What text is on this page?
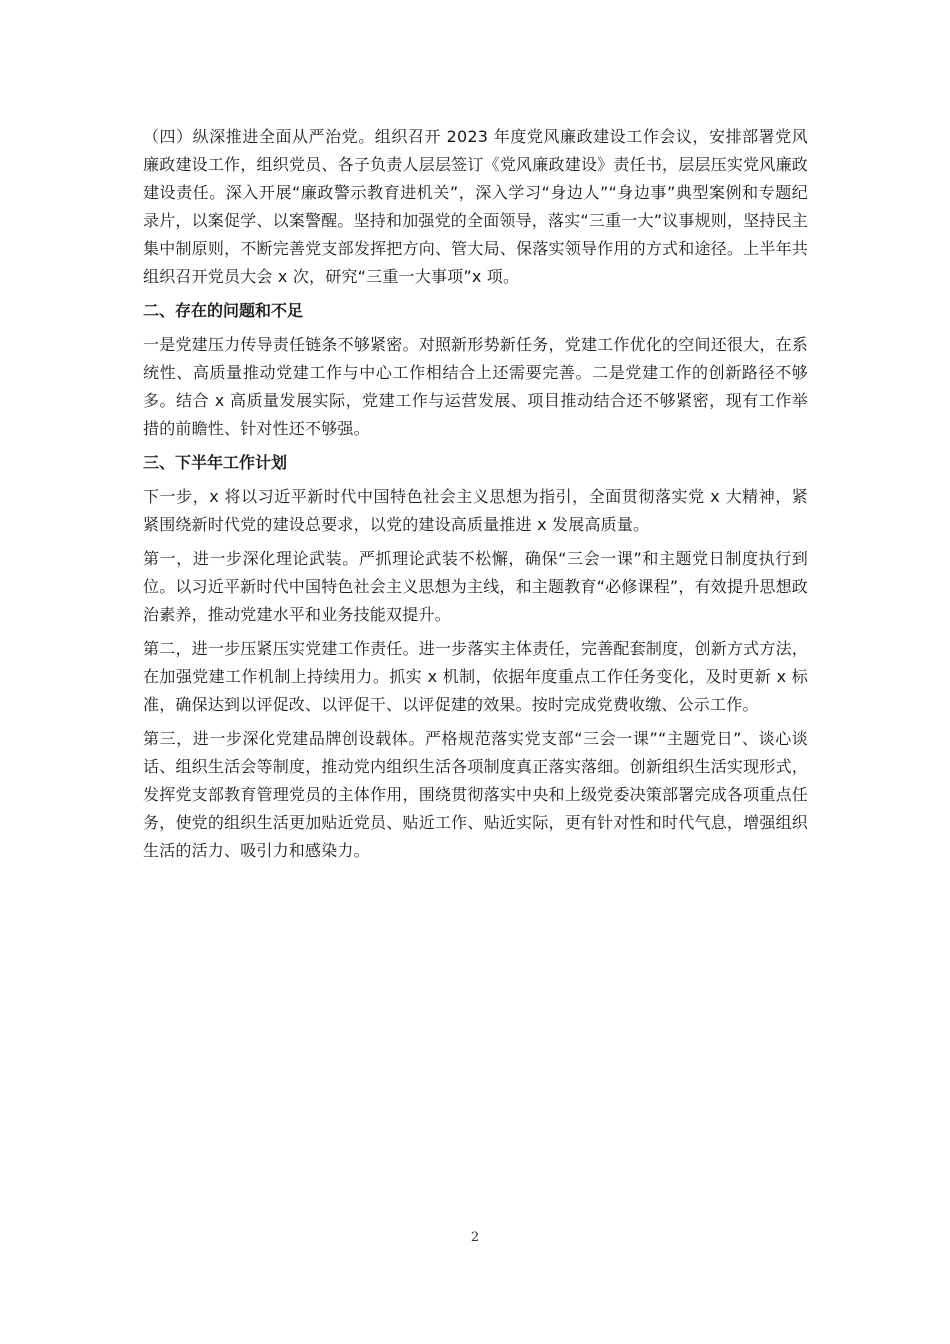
（四）纵深推进全面从严治党。组织召开 2023 年度党风廉政建设工作会议，安排部署党风廉政建设工作，组织党员、各子负责人层层签订《党风廉政建设》责任书，层层压实党风廉政建设责任。深入开展“廉政警示教育进机关”，深入学习“身边人”“身边事”典型案例和专题纪录片，以案促学、以案警醒。坚持和加强党的全面领导，落实“三重一大”议事规则，坚持民主集中制原则，不断完善党支部发挥把方向、管大局、保落实领导作用的方式和途径。上半年共组织召开党员大会 x 次，研究“三重一大事项”x 项。

二、存在的问题和不足

一是党建压力传导责任链条不够紧密。对照新形势新任务，党建工作优化的空间还很大，在系统性、高质量推动党建工作与中心工作相结合上还需要完善。二是党建工作的创新路径不够多。结合 x 高质量发展实际，党建工作与运营发展、项目推动结合还不够紧密，现有工作举措的前瞻性、针对性还不够强。

三、下半年工作计划

下一步，x 将以习近平新时代中国特色社会主义思想为指引，全面贯彻落实党 x 大精神，紧紧围绕新时代党的建设总要求，以党的建设高质量推进 x 发展高质量。

第一，进一步深化理论武装。严抓理论武装不松懈，确保“三会一课”和主题党日制度执行到位。以习近平新时代中国特色社会主义思想为主线，和主题教育“必修课程”，有效提升思想政治素养，推动党建水平和业务技能双提升。

第二，进一步压紧压实党建工作责任。进一步落实主体责任，完善配套制度，创新方式方法，在加强党建工作机制上持续用力。抓实 x 机制，依据年度重点工作任务变化，及时更新 x 标准，确保达到以评促改、以评促干、以评促建的效果。按时完成党费收缴、公示工作。

第三，进一步深化党建品牌创设载体。严格规范落实党支部“三会一课”“主题党日”、谈心谈话、组织生活会等制度，推动党内组织生活各项制度真正落实落细。创新组织生活实现形式，发挥党支部教育管理党员的主体作用，围绕贯彻落实中央和上级党委决策部署完成各项重点任务，使党的组织生活更加贴近党员、贴近工作、贴近实际，更有针对性和时代气息，增强组织生活的活力、吸引力和感染力。

2
